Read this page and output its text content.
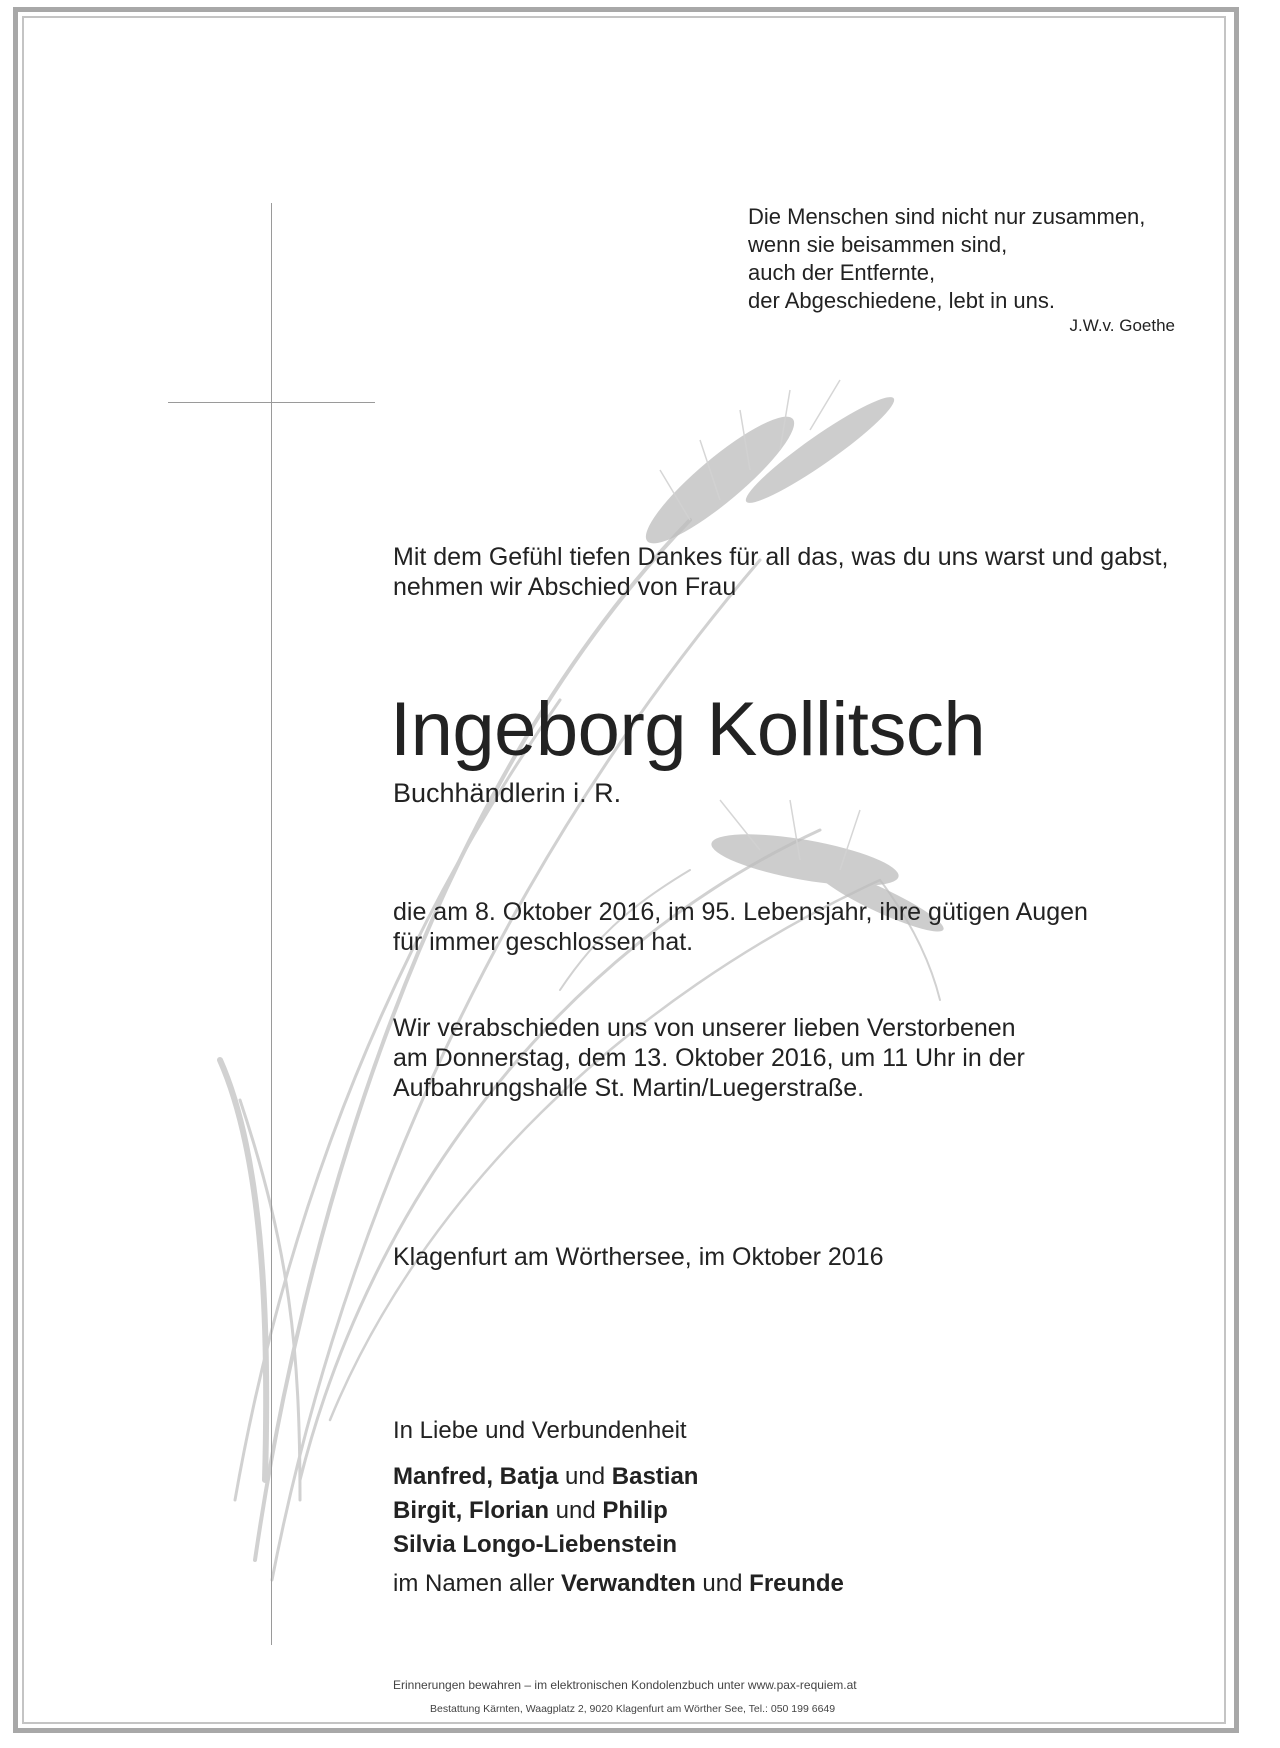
Die Menschen sind nicht nur zusammen,
wenn sie beisammen sind,
auch der Entfernte,
der Abgeschiedene, lebt in uns.
J.W.v. Goethe
Mit dem Gefühl tiefen Dankes für all das, was du uns warst und gabst,
nehmen wir Abschied von Frau
Ingeborg Kollitsch
Buchhändlerin i. R.
die am 8. Oktober 2016, im 95. Lebensjahr, ihre gütigen Augen
für immer geschlossen hat.
Wir verabschieden uns von unserer lieben Verstorbenen
am Donnerstag, dem 13. Oktober 2016, um 11 Uhr in der
Aufbahrungshalle St. Martin/Luegerstraße.
Klagenfurt am Wörthersee, im Oktober 2016
In Liebe und Verbundenheit
Manfred, Batja und Bastian
Birgit, Florian und Philip
Silvia Longo-Liebenstein
im Namen aller Verwandten und Freunde
Erinnerungen bewahren – im elektronischen Kondolenzbuch unter www.pax-requiem.at
Bestattung Kärnten, Waagplatz 2, 9020 Klagenfurt am Wörther See, Tel.: 050 199 6649
